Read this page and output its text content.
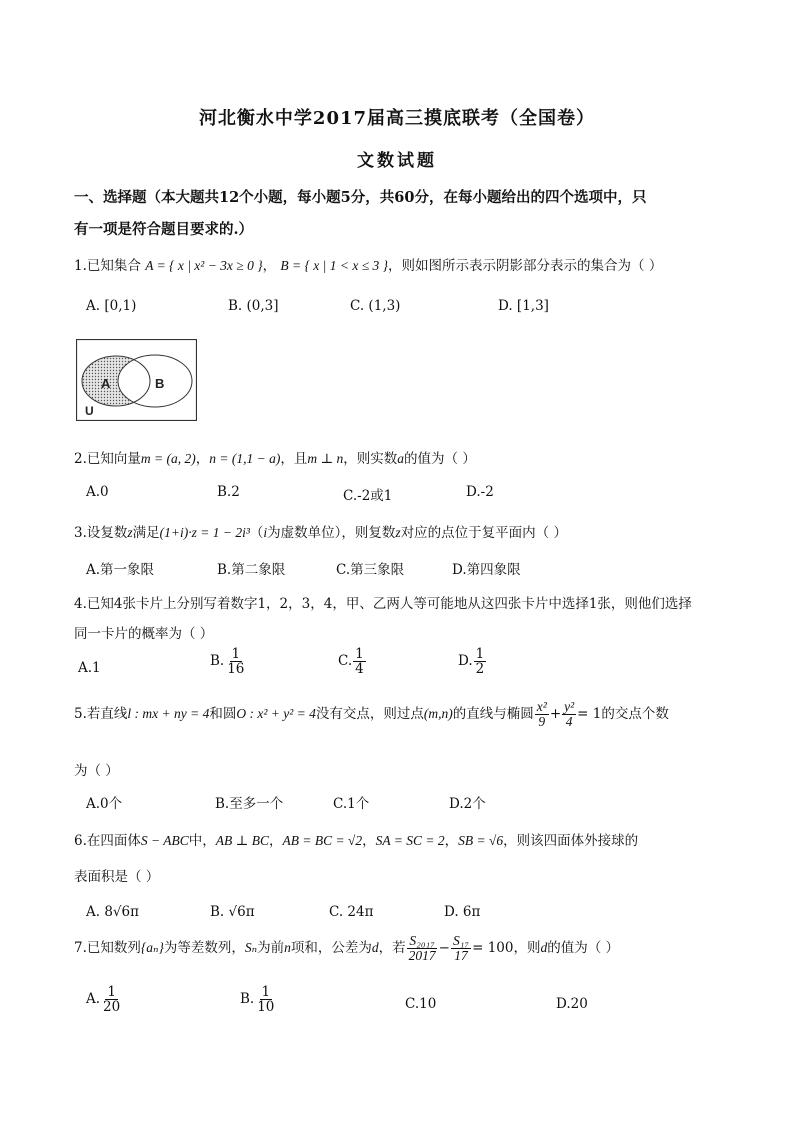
河北衡水中学2017届高三摸底联考（全国卷）
文数试题
一、选择题（本大题共12个小题，每小题5分，共60分，在每小题给出的四个选项中，只
有一项是符合题目要求的.）
1.已知集合 A = { x | x² − 3x ≥ 0 }， B = { x | 1 < x ≤ 3 }，则如图所示表示阴影部分表示的集合为（ ）
A. [0,1)	B. (0,3]	C. (1,3)	D. [1,3]
A	B
U
2.已知向量m = (a, 2)，n = (1,1 − a)，且m ⊥ n，则实数a的值为（ ）
A.0	B.2	C.-2或1	D.-2
3.设复数z满足(1+i)·z = 1 − 2i³（i为虚数单位），则复数z对应的点位于复平面内（ ）
A.第一象限	B.第二象限	C.第三象限	D.第四象限
4.已知4张卡片上分别写着数字1，2，3，4，甲、乙两人等可能地从这四张卡片中选择1张，则他们选择
同一卡片的概率为（ ）
A.1	B. $\frac{1}{16}$	C. $\frac{1}{4}$	D. $\frac{1}{2}$
5.若直线l : mx + ny = 4和圆O : x² + y² = 4没有交点，则过点(m,n)的直线与椭圆 $\frac{\text{x²}}{9} + \frac{\text{y²}}{4} = 1$的交点个数
为（ ）
A.0个	B.至多一个	C.1个	D.2个
6.在四面体S − ABC中，AB ⊥ BC，AB = BC = √2，SA = SC = 2，SB = √6，则该四面体外接球的
表面积是（ ）
A. 8√6π	B. √6π	C. 24π	D. 6π
7.已知数列{aₙ}为等差数列，Sₙ为前n项和，公差为d，若 $\frac{\text{S₂₀₁₇}}{2017} - \frac{\text{S₁₇}}{17} = 100$，则d的值为（ ）
A. $\frac{1}{20}$	B. $\frac{1}{10}$	C.10	D.20
